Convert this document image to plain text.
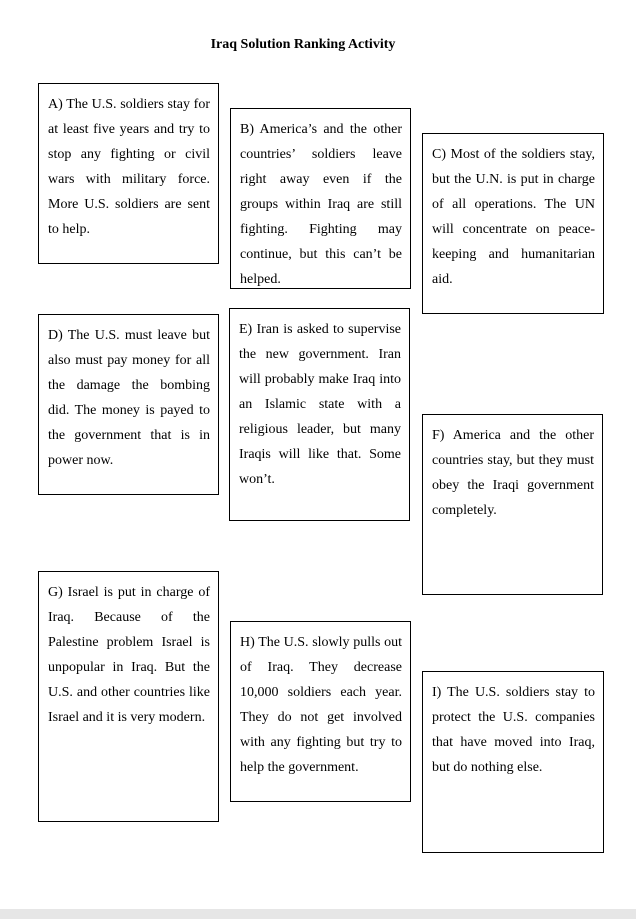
Iraq Solution Ranking Activity

A) The U.S. soldiers stay for at least five years and try to stop any fighting or civil wars with military force. More U.S. soldiers are sent to help.

B) America’s and the other countries’ soldiers leave right away even if the groups within Iraq are still fighting. Fighting may continue, but this can’t be helped.

C) Most of the soldiers stay, but the U.N. is put in charge of all operations. The UN will concentrate on peace-keeping and humanitarian aid.

D) The U.S. must leave but also must pay money for all the damage the bombing did. The money is payed to the government that is in power now.

E) Iran is asked to supervise the new government. Iran will probably make Iraq into an Islamic state with a religious leader, but many Iraqis will like that. Some won’t.

F) America and the other countries stay, but they must obey the Iraqi government completely.

G) Israel is put in charge of Iraq. Because of the Palestine problem Israel is unpopular in Iraq. But the U.S. and other countries like Israel and it is very modern.

H) The U.S. slowly pulls out of Iraq. They decrease 10,000 soldiers each year. They do not get involved with any fighting but try to help the government.

I) The U.S. soldiers stay to protect the U.S. companies that have moved into Iraq, but do nothing else.
